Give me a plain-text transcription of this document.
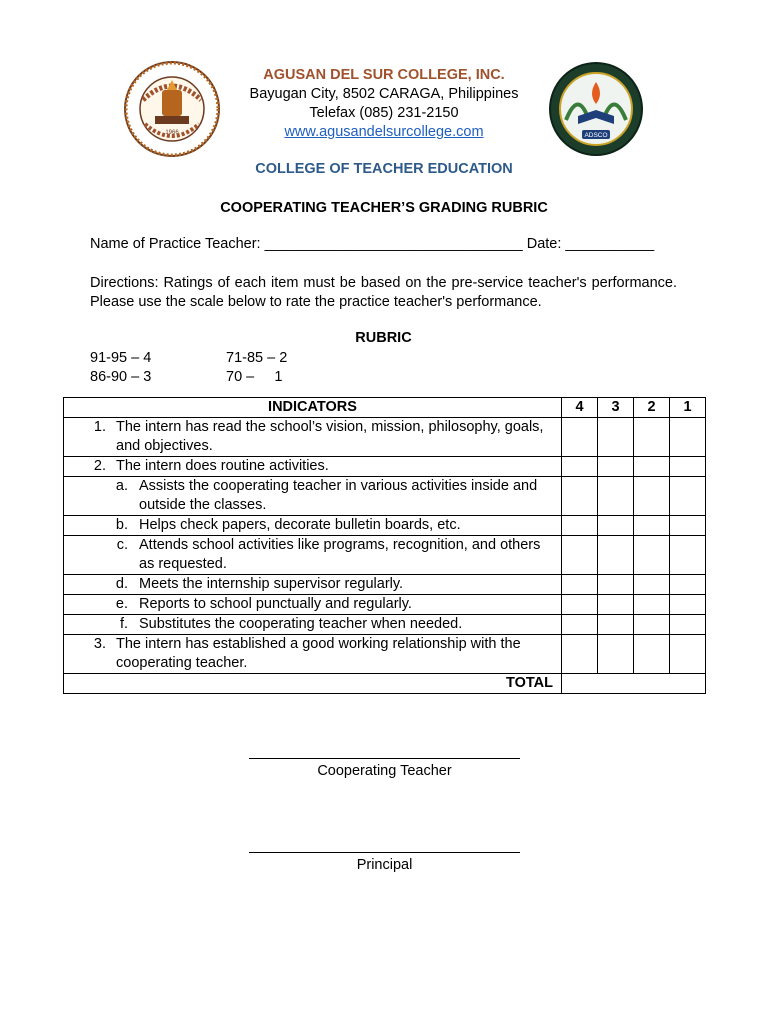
1966	ADSCO
AGUSAN DEL SUR COLLEGE, INC.
Bayugan City, 8502 CARAGA, Philippines
Telefax (085) 231-2150
www.agusandelsurcollege.com
COLLEGE OF TEACHER EDUCATION
COOPERATING TEACHER’S GRADING RUBRIC
Name of Practice Teacher: ________________________________ Date: ___________
Directions: Ratings of each item must be based on the pre-service teacher's performance. Please use the scale below to rate the practice teacher's performance.
RUBRIC
91-95 – 4
86-90 – 3
71-85 – 2
70 –     1
INDICATORS	4	3	2	1

1. The intern has read the school’s vision, mission, philosophy, goals, and objectives.				

2. The intern does routine activities.				

a. Assists the cooperating teacher in various activities inside and outside the classes.				

b. Helps check papers, decorate bulletin boards, etc.				

c. Attends school activities like programs, recognition, and others as requested.				

d. Meets the internship supervisor regularly.				

e. Reports to school punctually and regularly.				

f. Substitutes the cooperating teacher when needed.				

3. The intern has established a good working relationship with the cooperating teacher.				

TOTAL				
Cooperating Teacher
Principal
